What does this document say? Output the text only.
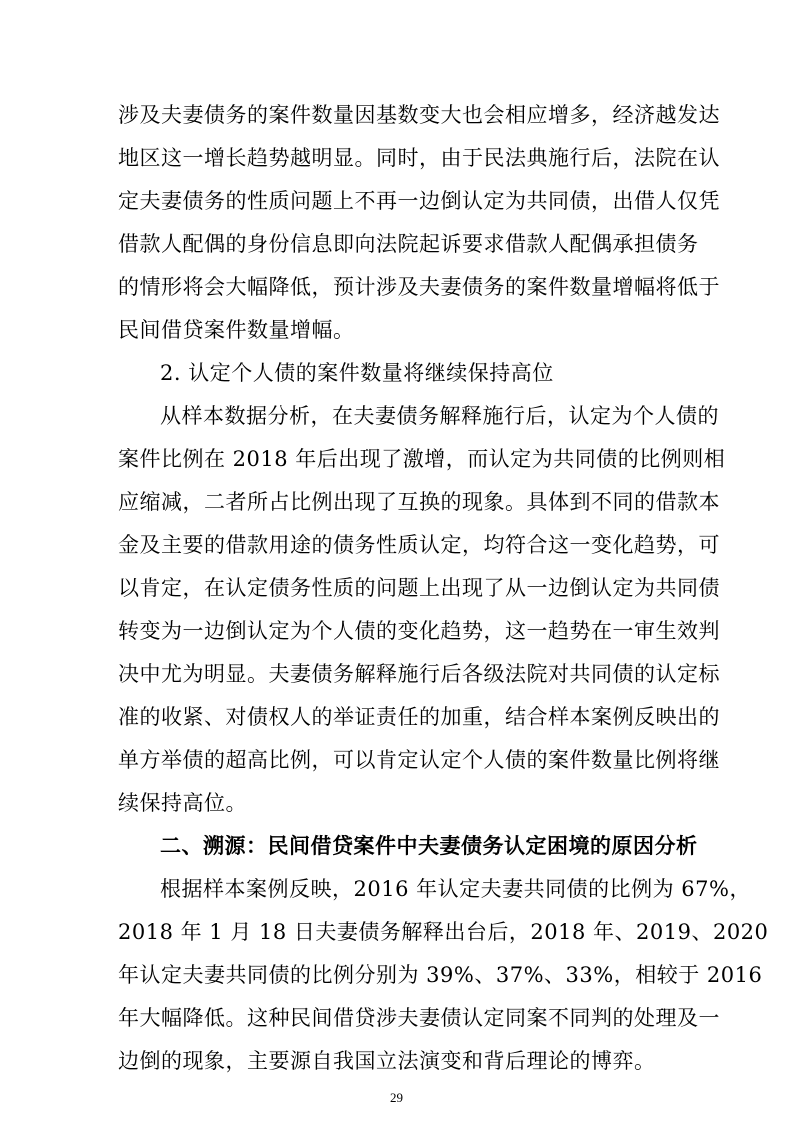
涉及夫妻债务的案件数量因基数变大也会相应增多，经济越发达
地区这一增长趋势越明显。同时，由于民法典施行后，法院在认
定夫妻债务的性质问题上不再一边倒认定为共同债，出借人仅凭
借款人配偶的身份信息即向法院起诉要求借款人配偶承担债务
的情形将会大幅降低，预计涉及夫妻债务的案件数量增幅将低于
民间借贷案件数量增幅。
2. 认定个人债的案件数量将继续保持高位
从样本数据分析，在夫妻债务解释施行后，认定为个人债的
案件比例在 2018 年后出现了激增，而认定为共同债的比例则相
应缩减，二者所占比例出现了互换的现象。具体到不同的借款本
金及主要的借款用途的债务性质认定，均符合这一变化趋势，可
以肯定，在认定债务性质的问题上出现了从一边倒认定为共同债
转变为一边倒认定为个人债的变化趋势，这一趋势在一审生效判
决中尤为明显。夫妻债务解释施行后各级法院对共同债的认定标
准的收紧、对债权人的举证责任的加重，结合样本案例反映出的
单方举债的超高比例，可以肯定认定个人债的案件数量比例将继
续保持高位。
二、溯源：民间借贷案件中夫妻债务认定困境的原因分析
根据样本案例反映，2016 年认定夫妻共同债的比例为 67%，
2018 年 1 月 18 日夫妻债务解释出台后，2018 年、2019、2020
年认定夫妻共同债的比例分别为 39%、37%、33%，相较于 2016
年大幅降低。这种民间借贷涉夫妻债认定同案不同判的处理及一
边倒的现象，主要源自我国立法演变和背后理论的博弈。
29
